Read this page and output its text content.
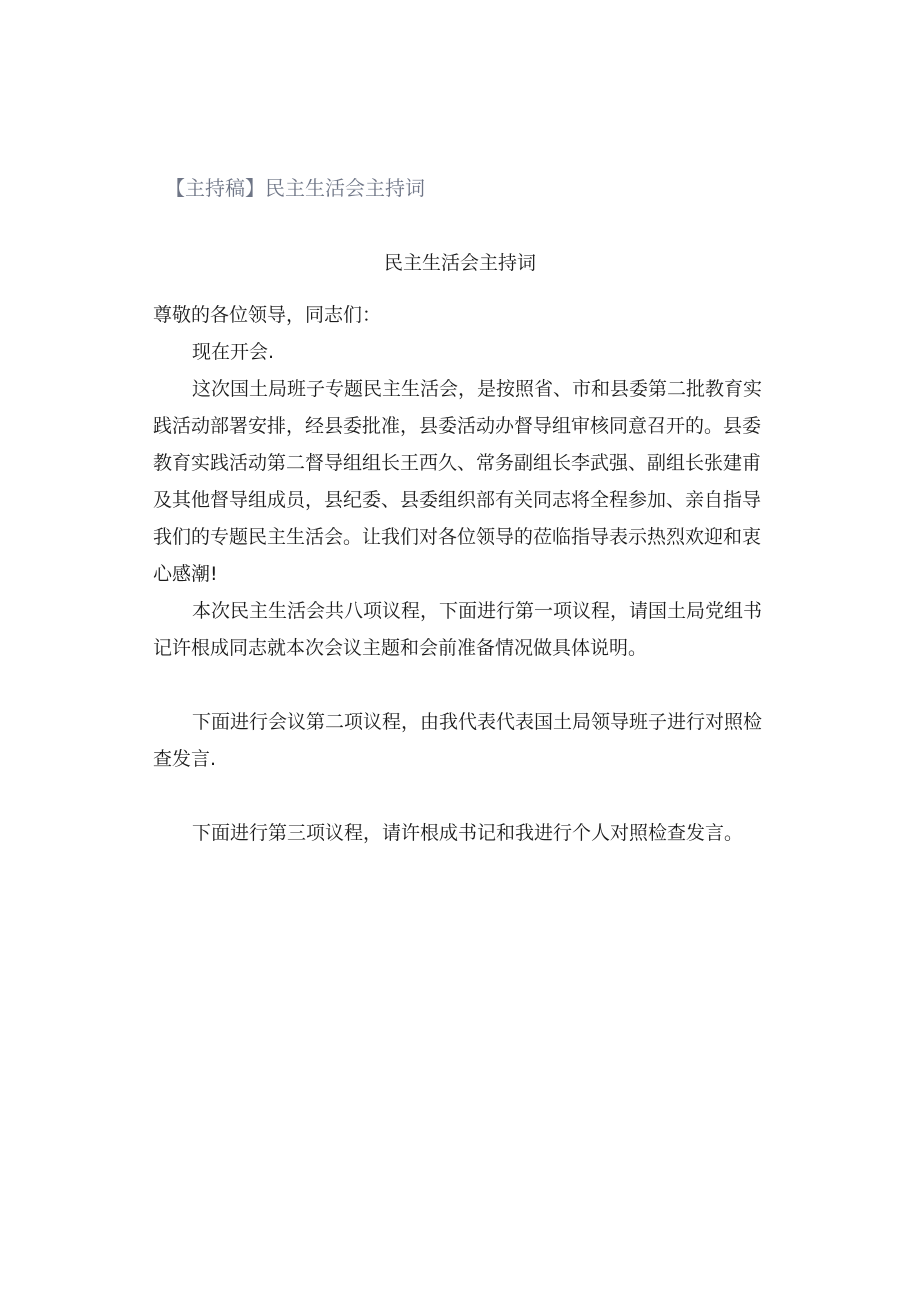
【主持稿】民主生活会主持词
民主生活会主持词

尊敬的各位领导，同志们：

现在开会.

这次国土局班子专题民主生活会，是按照省、市和县委第二批教育实践活动部署安排，经县委批准，县委活动办督导组审核同意召开的。县委教育实践活动第二督导组组长王西久、常务副组长李武强、副组长张建甫及其他督导组成员，县纪委、县委组织部有关同志将全程参加、亲自指导我们的专题民主生活会。让我们对各位领导的莅临指导表示热烈欢迎和衷心感潮!

本次民主生活会共八项议程，下面进行第一项议程，请国土局党组书记许根成同志就本次会议主题和会前准备情况做具体说明。

下面进行会议第二项议程，由我代表代表国土局领导班子进行对照检查发言.

下面进行第三项议程，请许根成书记和我进行个人对照检查发言。
